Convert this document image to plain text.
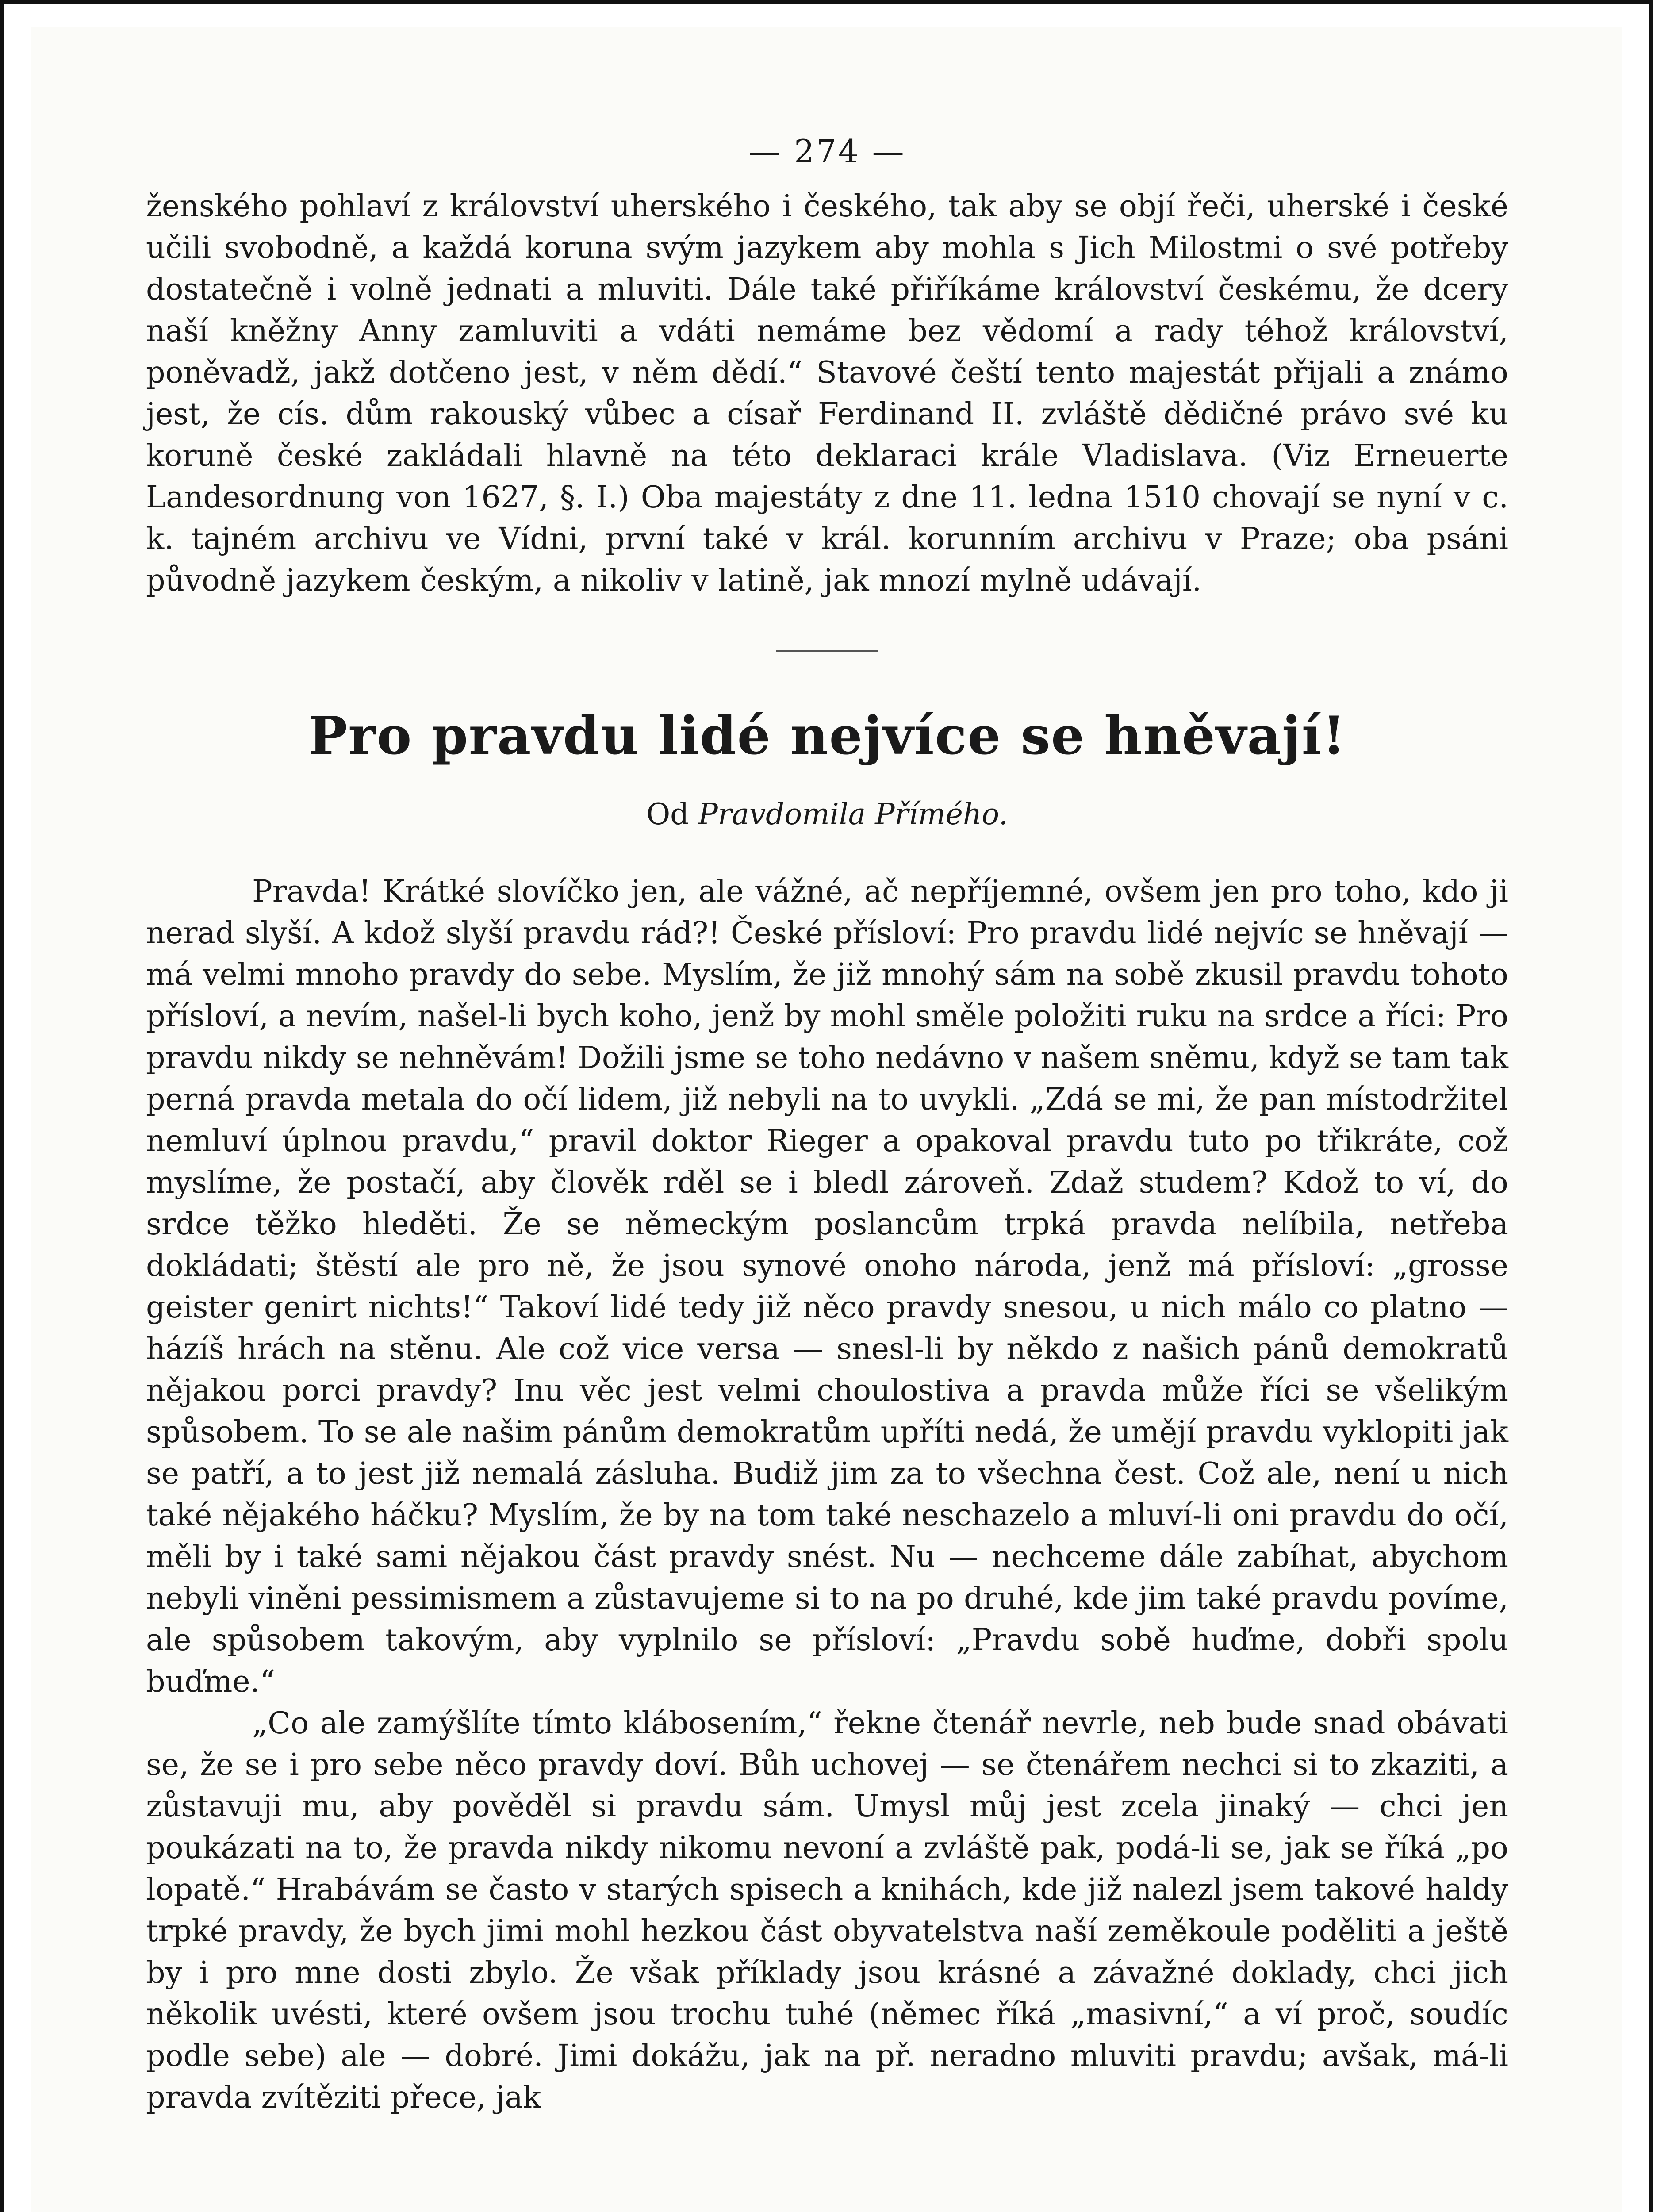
— 274 —

ženského pohlaví z království uherského i českého, tak aby se objí řeči, uherské i české učili svobodně, a každá koruna svým jazykem aby mohla s Jich Milostmi o své potřeby dostatečně i volně jednati a mluviti. Dále také přiříkáme království českému, že dcery naší kněžny Anny zamluviti a vdáti nemáme bez vědomí a rady téhož království, poněvadž, jakž dotčeno jest, v něm dědí.“ Stavové čeští tento majestát přijali a známo jest, že cís. dům rakouský vůbec a císař Ferdinand II. zvláště dědičné právo své ku koruně české zakládali hlavně na této deklaraci krále Vladislava. (Viz Erneuerte Landesordnung von 1627, §. I.) Oba majestáty z dne 11. ledna 1510 chovají se nyní v c. k. tajném archivu ve Vídni, první také v král. korunním archivu v Praze; oba psáni původně jazykem českým, a nikoliv v latině, jak mnozí mylně udávají.

Pro pravdu lidé nejvíce se hněvají!
Od Pravdomila Přímého.

Pravda! Krátké slovíčko jen, ale vážné, ač nepříjemné, ovšem jen pro toho, kdo ji nerad slyší. A kdož slyší pravdu rád?! České přísloví: Pro pravdu lidé nejvíc se hněvají — má velmi mnoho pravdy do sebe. Myslím, že již mnohý sám na sobě zkusil pravdu tohoto přísloví, a nevím, našel-li bych koho, jenž by mohl směle položiti ruku na srdce a říci: Pro pravdu nikdy se nehněvám! Dožili jsme se toho nedávno v našem sněmu, když se tam tak perná pravda metala do očí lidem, již nebyli na to uvykli. „Zdá se mi, že pan místodržitel nemluví úplnou pravdu,“ pravil doktor Rieger a opakoval pravdu tuto po třikráte, což myslíme, že postačí, aby člověk rděl se i bledl zároveň. Zdaž studem? Kdož to ví, do srdce těžko hleděti. Že se německým poslancům trpká pravda nelíbila, netřeba dokládati; štěstí ale pro ně, že jsou synové onoho národa, jenž má přísloví: „grosse geister genirt nichts!“ Takoví lidé tedy již něco pravdy snesou, u nich málo co platno — házíš hrách na stěnu. Ale což vice versa — snesl-li by někdo z našich pánů demokratů nějakou porci pravdy? Inu věc jest velmi choulostiva a pravda může říci se všelikým spůsobem. To se ale našim pánům demokratům upříti nedá, že umějí pravdu vyklopiti jak se patří, a to jest již nemalá zásluha. Budiž jim za to všechna čest. Což ale, není u nich také nějakého háčku? Myslím, že by na tom také neschazelo a mluví-li oni pravdu do očí, měli by i také sami nějakou část pravdy snést. Nu — nechceme dále zabíhat, abychom nebyli viněni pessimismem a zůstavujeme si to na po druhé, kde jim také pravdu povíme, ale spůsobem takovým, aby vyplnilo se přísloví: „Pravdu sobě huďme, dobři spolu buďme.“

„Co ale zamýšlíte tímto klábosením,“ řekne čtenář nevrle, neb bude snad obávati se, že se i pro sebe něco pravdy doví. Bůh uchovej — se čtenářem nechci si to zkaziti, a zůstavuji mu, aby pověděl si pravdu sám. Umysl můj jest zcela jinaký — chci jen poukázati na to, že pravda nikdy nikomu nevoní a zvláště pak, podá-li se, jak se říká „po lopatě.“ Hrabávám se často v starých spisech a knihách, kde již nalezl jsem takové haldy trpké pravdy, že bych jimi mohl hezkou část obyvatelstva naší zeměkoule poděliti a ještě by i pro mne dosti zbylo. Že však příklady jsou krásné a závažné doklady, chci jich několik uvésti, které ovšem jsou trochu tuhé (němec říká „masivní,“ a ví proč, soudíc podle sebe) ale — dobré. Jimi dokážu, jak na př. neradno mluviti pravdu; avšak, má-li pravda zvítěziti přece, jak
